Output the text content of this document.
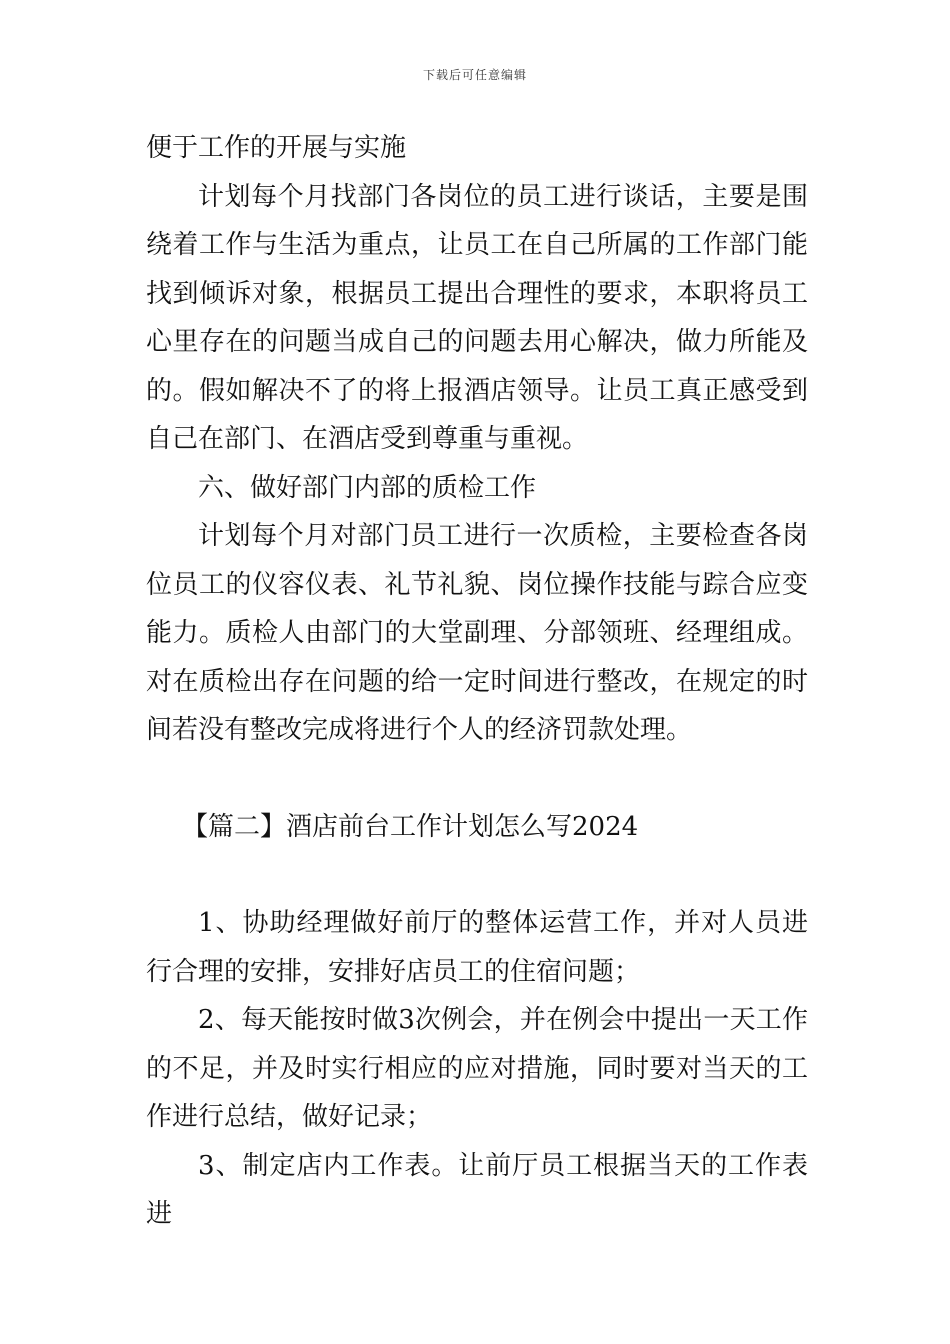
下载后可任意编辑

便于工作的开展与实施

计划每个月找部门各岗位的员工进行谈话，主要是围绕着工作与生活为重点，让员工在自己所属的工作部门能找到倾诉对象，根据员工提出合理性的要求，本职将员工心里存在的问题当成自己的问题去用心解决，做力所能及的。假如解决不了的将上报酒店领导。让员工真正感受到自己在部门、在酒店受到尊重与重视。

六、做好部门内部的质检工作

计划每个月对部门员工进行一次质检，主要检查各岗位员工的仪容仪表、礼节礼貌、岗位操作技能与踪合应变能力。质检人由部门的大堂副理、分部领班、经理组成。对在质检出存在问题的给一定时间进行整改，在规定的时间若没有整改完成将进行个人的经济罚款处理。

【篇二】酒店前台工作计划怎么写2024

1、协助经理做好前厅的整体运营工作，并对人员进行合理的安排，安排好店员工的住宿问题；

2、每天能按时做3次例会，并在例会中提出一天工作的不足，并及时实行相应的应对措施，同时要对当天的工作进行总结，做好记录；

3、制定店内工作表。让前厅员工根据当天的工作表进
